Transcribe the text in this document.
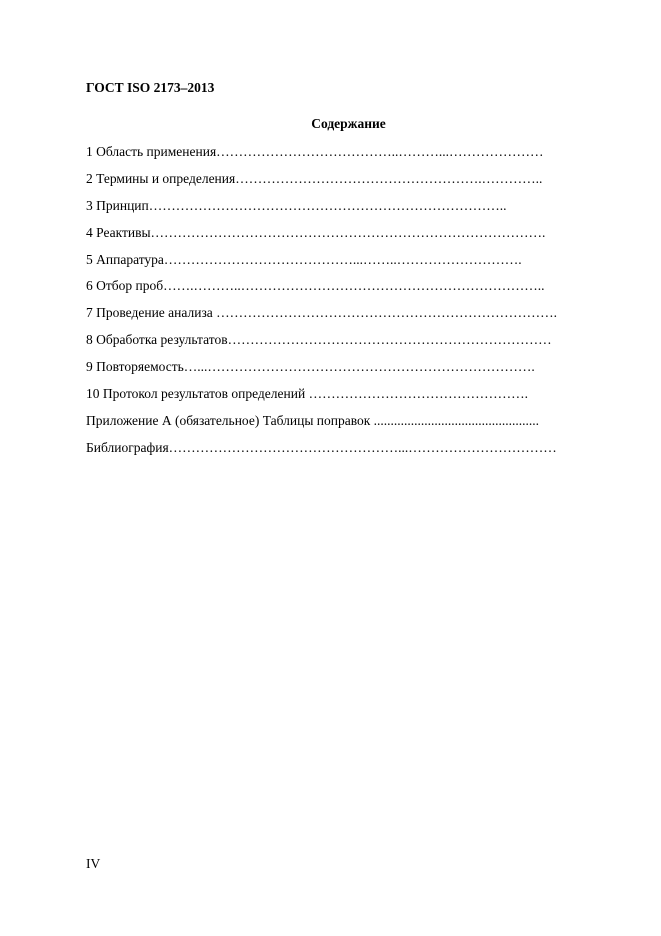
ГОСТ ISO 2173–2013
Содержание
1 Область применения…………………………………..………...…………………
2 Термины и определения……………………………………………….…………..
3 Принцип……………………………………………………………………..
4 Реактивы…………………………………………………………………………….
5 Аппаратура……………………………………...……..……………………….
6 Отбор проб…….………..…………………………………………………………..
7 Проведение анализа ………………………………………………………………….
8 Обработка результатов………………………………………………………………
9 Повторяемость…...……………………………………………………………….
10 Протокол результатов определений ………………………………………….
Приложение А (обязательное) Таблицы поправок .................................................
Библиография……………………………………………...……………………………
IV
